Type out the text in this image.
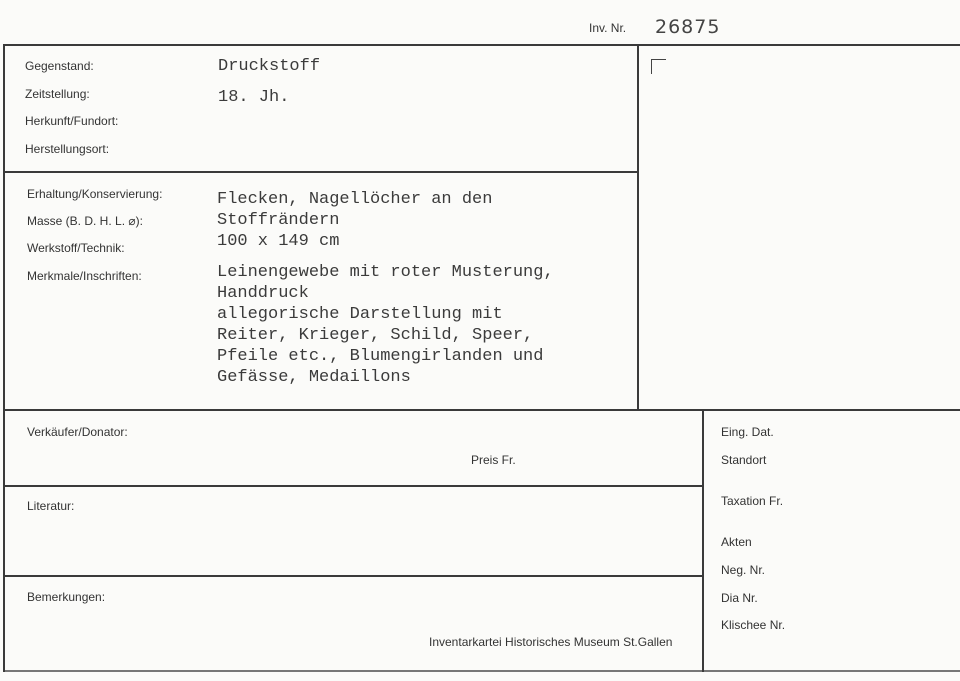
Inv. Nr. 26875
Gegenstand:	Druckstoff
Zeitstellung:	18. Jh.
Herkunft/Fundort:
Herstellungsort:
Erhaltung/Konservierung:
Masse (B. D. H. L. ⌀):
Werkstoff/Technik:
Merkmale/Inschriften:
Flecken, Nagellöcher an den
Stoffrändern
100 x 149 cm
Leinengewebe mit roter Musterung,
Handdruck
allegorische Darstellung mit
Reiter, Krieger, Schild, Speer,
Pfeile etc., Blumengirlanden und
Gefässe, Medaillons
Verkäufer/Donator:
Preis Fr.
Literatur:
Bemerkungen:
Inventarkartei Historisches Museum St.Gallen
Eing. Dat.
Standort
Taxation Fr.
Akten
Neg. Nr.
Dia Nr.
Klischee Nr.
